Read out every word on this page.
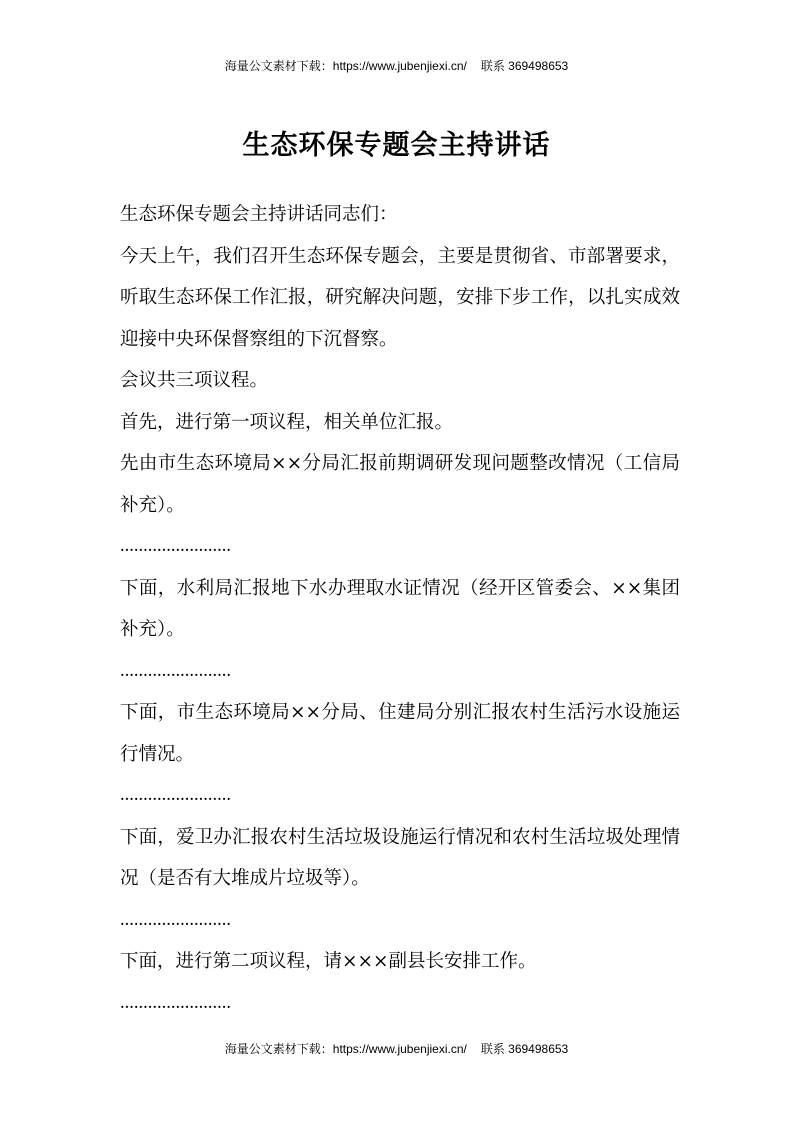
海量公文素材下载：https://www.jubenjiexi.cn/ 联系 369498653
生态环保专题会主持讲话

生态环保专题会主持讲话同志们：

今天上午，我们召开生态环保专题会，主要是贯彻省、市部署要求，听取生态环保工作汇报，研究解决问题，安排下步工作，以扎实成效迎接中央环保督察组的下沉督察。

会议共三项议程。

首先，进行第一项议程，相关单位汇报。

先由市生态环境局××分局汇报前期调研发现问题整改情况（工信局补充）。

........................

下面，水利局汇报地下水办理取水证情况（经开区管委会、××集团补充）。

........................

下面，市生态环境局××分局、住建局分别汇报农村生活污水设施运行情况。

........................

下面，爱卫办汇报农村生活垃圾设施运行情况和农村生活垃圾处理情况（是否有大堆成片垃圾等）。

........................

下面，进行第二项议程，请×××副县长安排工作。

........................

海量公文素材下载：https://www.jubenjiexi.cn/ 联系 369498653
